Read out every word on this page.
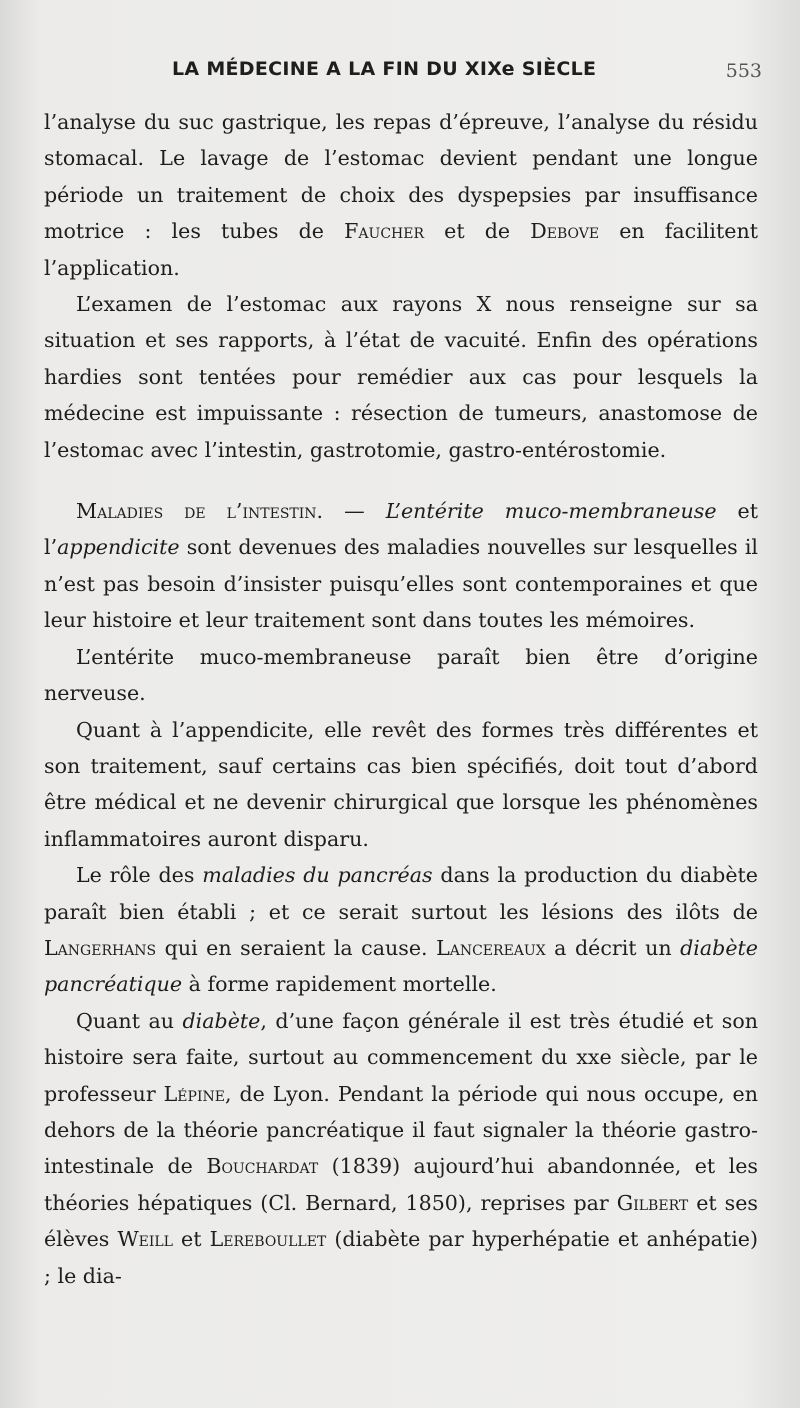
LA MÉDECINE A LA FIN DU XIXe SIÈCLE	553

l’analyse du suc gastrique, les repas d’épreuve, l’analyse du résidu stomacal. Le lavage de l’estomac devient pendant une longue période un traitement de choix des dyspepsies par insuffisance motrice : les tubes de Faucher et de Debove en facilitent l’application.

L’examen de l’estomac aux rayons X nous renseigne sur sa situation et ses rapports, à l’état de vacuité. Enfin des opérations hardies sont tentées pour remédier aux cas pour lesquels la médecine est impuissante : résection de tumeurs, anastomose de l’estomac avec l’intestin, gastrotomie, gastro-entérostomie.

Maladies de l’intestin. — L’entérite muco-membraneuse et l’appendicite sont devenues des maladies nouvelles sur lesquelles il n’est pas besoin d’insister puisqu’elles sont contemporaines et que leur histoire et leur traitement sont dans toutes les mémoires.

L’entérite muco-membraneuse paraît bien être d’origine nerveuse.

Quant à l’appendicite, elle revêt des formes très différentes et son traitement, sauf certains cas bien spécifiés, doit tout d’abord être médical et ne devenir chirurgical que lorsque les phénomènes inflammatoires auront disparu.

Le rôle des maladies du pancréas dans la production du diabète paraît bien établi ; et ce serait surtout les lésions des ilôts de Langerhans qui en seraient la cause. Lancereaux a décrit un diabète pancréatique à forme rapidement mortelle.

Quant au diabète, d’une façon générale il est très étudié et son histoire sera faite, surtout au commencement du xxe siècle, par le professeur Lépine, de Lyon. Pendant la période qui nous occupe, en dehors de la théorie pancréatique il faut signaler la théorie gastro-intestinale de Bouchardat (1839) aujourd’hui abandonnée, et les théories hépatiques (Cl. Bernard, 1850), reprises par Gilbert et ses élèves Weill et Lereboullet (diabète par hyperhépatie et anhépatie) ; le dia-
